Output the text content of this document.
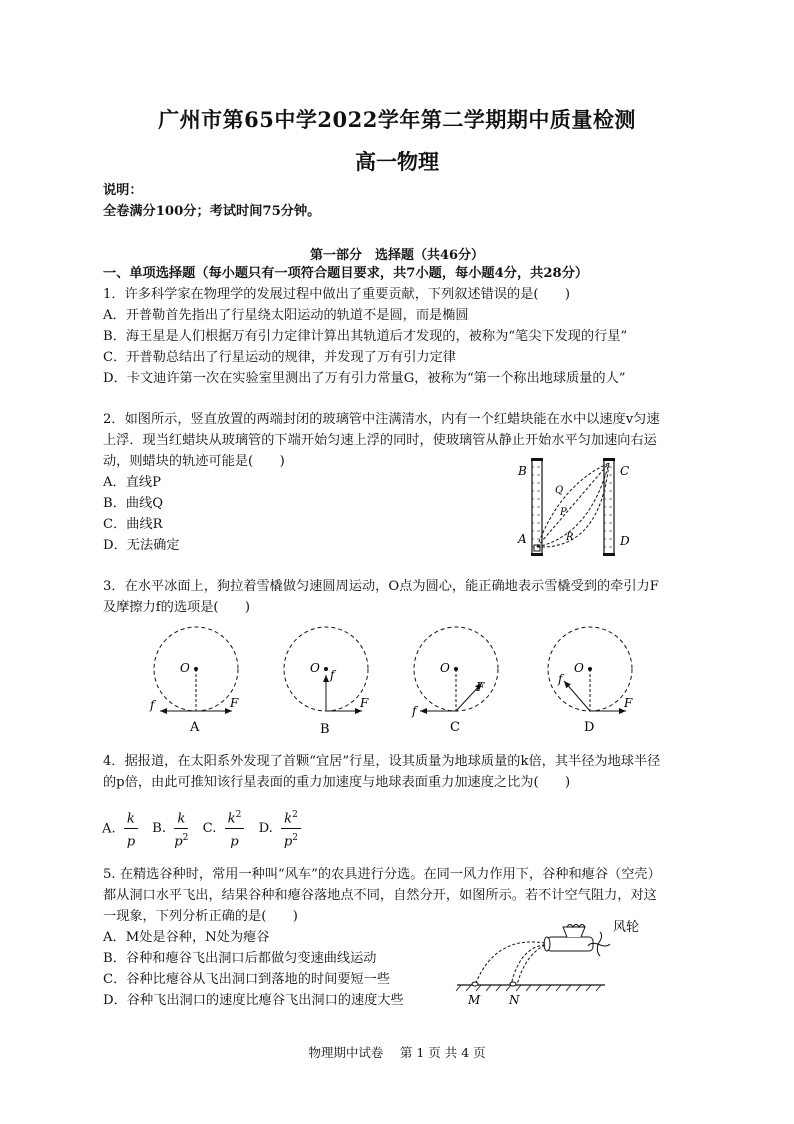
广州市第65中学2022学年第二学期期中质量检测
高一物理
说明：
全卷满分100分；考试时间75分钟。
第一部分　选择题（共46分）
一、单项选择题（每小题只有一项符合题目要求，共7小题，每小题4分，共28分）
1．许多科学家在物理学的发展过程中做出了重要贡献，下列叙述错误的是(　　)
A．开普勒首先指出了行星绕太阳运动的轨道不是圆，而是椭圆
B．海王星是人们根据万有引力定律计算出其轨道后才发现的，被称为“笔尖下发现的行星”
C．开普勒总结出了行星运动的规律，并发现了万有引力定律
D．卡文迪许第一次在实验室里测出了万有引力常量G，被称为“第一个称出地球质量的人”
2．如图所示，竖直放置的两端封闭的玻璃管中注满清水，内有一个红蜡块能在水中以速度v匀速
上浮．现当红蜡块从玻璃管的下端开始匀速上浮的同时，使玻璃管从静止开始水平匀加速向右运
动，则蜡块的轨迹可能是(　　)
A．直线P
B．曲线Q
C．曲线R
D．无法确定
B	C
A	D
Q
P
R
3．在水平冰面上，狗拉着雪橇做匀速圆周运动，O点为圆心，能正确地表示雪橇受到的牵引力F
及摩擦力f的选项是(　　)
O
f	F
A
O f
F
B
O
f
F
C
O
f
F
D
4．据报道，在太阳系外发现了首颗“宜居”行星，设其质量为地球质量的k倍，其半径为地球半径
的p倍，由此可推知该行星表面的重力加速度与地球表面重力加速度之比为(　　)
A. $\frac{k}{p} B$. $\frac{k}{p^2} C$. $\frac{k^2}{p} D$. $\frac{k^2}{p^2}$
5. 在精选谷种时，常用一种叫“风车”的农具进行分选。在同一风力作用下，谷种和瘪谷（空壳）
都从洞口水平飞出，结果谷种和瘪谷落地点不同，自然分开，如图所示。若不计空气阻力，对这
一现象，下列分析正确的是(　　)
A．M处是谷种，N处为瘪谷
B．谷种和瘪谷飞出洞口后都做匀变速曲线运动
C．谷种比瘪谷从飞出洞口到落地的时间要短一些
D．谷种飞出洞口的速度比瘪谷飞出洞口的速度大些
风轮
M N
物理期中试卷　 第 1 页 共 4 页
